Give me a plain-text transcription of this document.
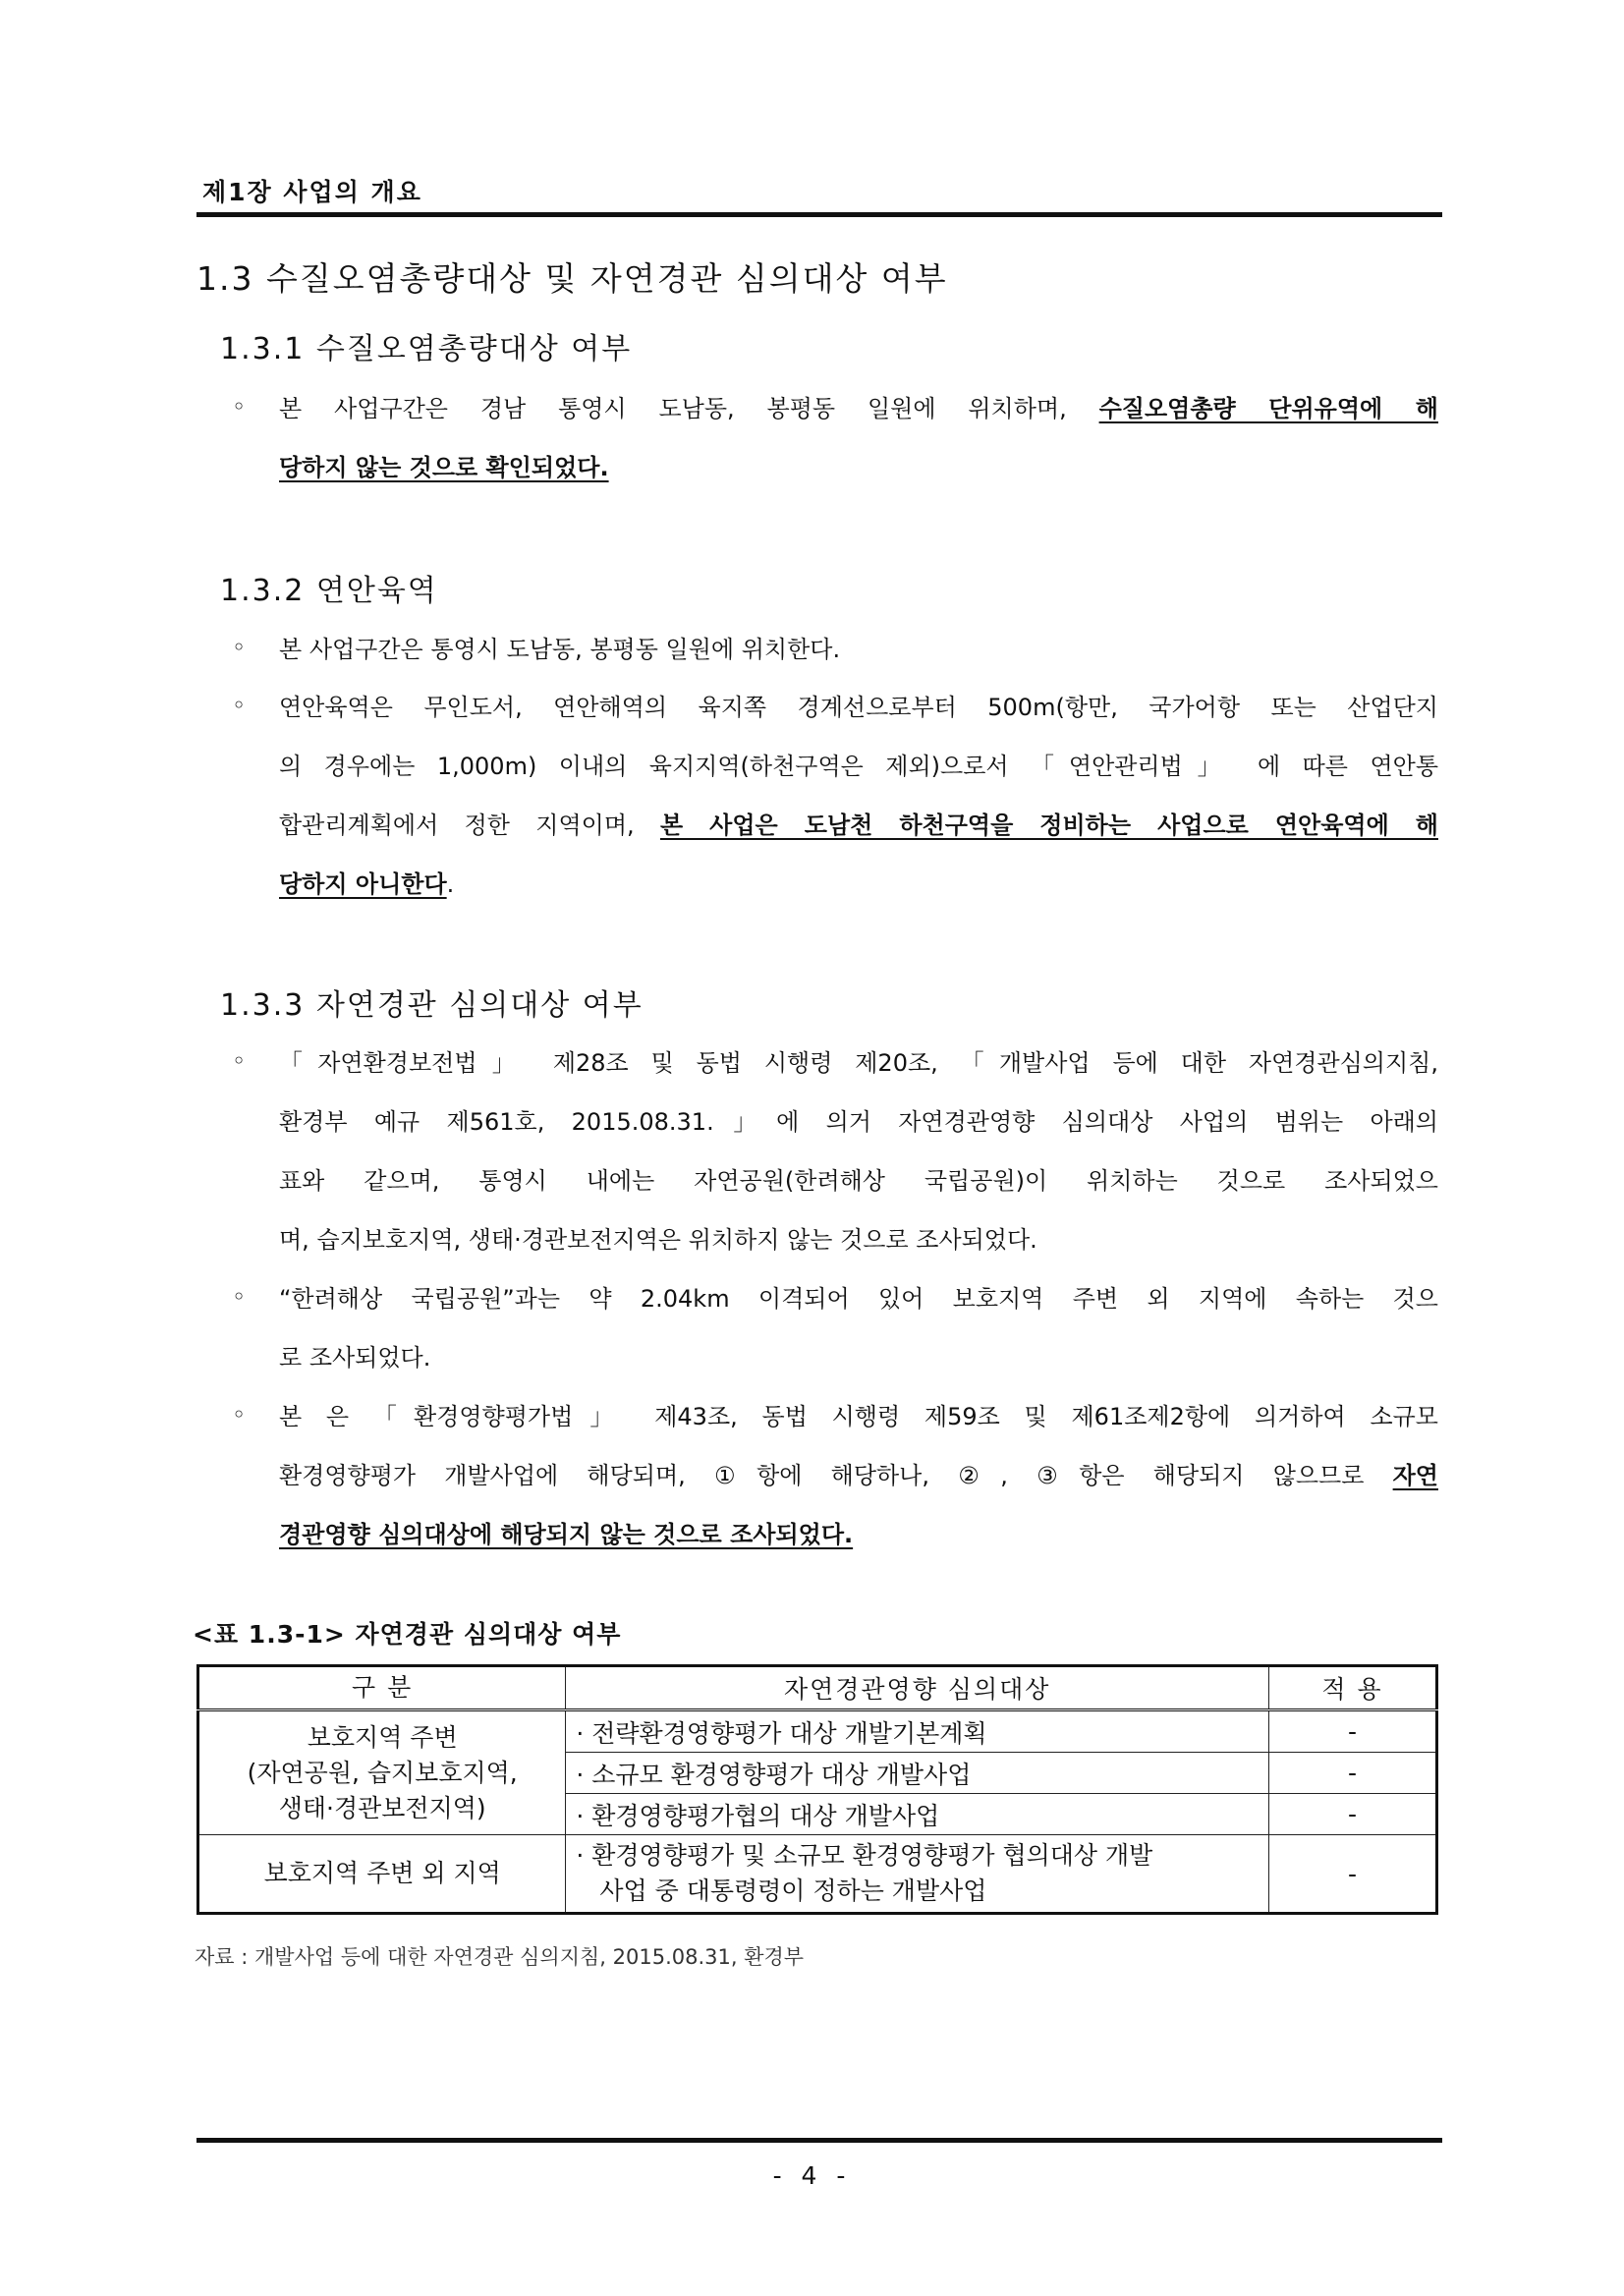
제1장 사업의 개요
1.3 수질오염총량대상 및 자연경관 심의대상 여부
1.3.1 수질오염총량대상 여부
◦ 본 사업구간은 경남 통영시 도남동, 봉평동 일원에 위치하며, 수질오염총량 단위유역에 해
당하지 않는 것으로 확인되었다.
1.3.2 연안육역
◦ 본 사업구간은 통영시 도남동, 봉평동 일원에 위치한다.
◦ 연안육역은 무인도서, 연안해역의 육지쪽 경계선으로부터 500m(항만, 국가어항 또는 산업단지
의 경우에는 1,000m) 이내의 육지지역(하천구역은 제외)으로서 「연안관리법」 에 따른 연안통
합관리계획에서 정한 지역이며, 본 사업은 도남천 하천구역을 정비하는 사업으로 연안육역에 해
당하지 아니한다.
1.3.3 자연경관 심의대상 여부
◦ 「자연환경보전법」 제28조 및 동법 시행령 제20조, 「개발사업 등에 대한 자연경관심의지침,
환경부 예규 제561호, 2015.08.31.」에 의거 자연경관영향 심의대상 사업의 범위는 아래의
표와 같으며, 통영시 내에는 자연공원(한려해상 국립공원)이 위치하는 것으로 조사되었으
며, 습지보호지역, 생태·경관보전지역은 위치하지 않는 것으로 조사되었다.
◦ “한려해상 국립공원”과는 약 2.04km 이격되어 있어 보호지역 주변 외 지역에 속하는 것으
로 조사되었다.
◦ 본 은 「환경영향평가법」 제43조, 동법 시행령 제59조 및 제61조제2항에 의거하여 소규모
환경영향평가 개발사업에 해당되며, ①항에 해당하나, ②, ③항은 해당되지 않으므로 자연
경관영향 심의대상에 해당되지 않는 것으로 조사되었다.
<표 1.3-1> 자연경관 심의대상 여부
구 분	자연경관영향 심의대상	적 용

보호지역 주변
(자연공원, 습지보호지역,
생태·경관보전지역)	· 전략환경영향평가 대상 개발기본계획	-
	· 소규모 환경영향평가 대상 개발사업	-
	· 환경영향평가협의 대상 개발사업	-
보호지역 주변 외 지역	· 환경영향평가 및 소규모 환경영향평가 협의대상 개발
사업 중 대통령령이 정하는 개발사업	-
자료 : 개발사업 등에 대한 자연경관 심의지침, 2015.08.31, 환경부
- 4 -
